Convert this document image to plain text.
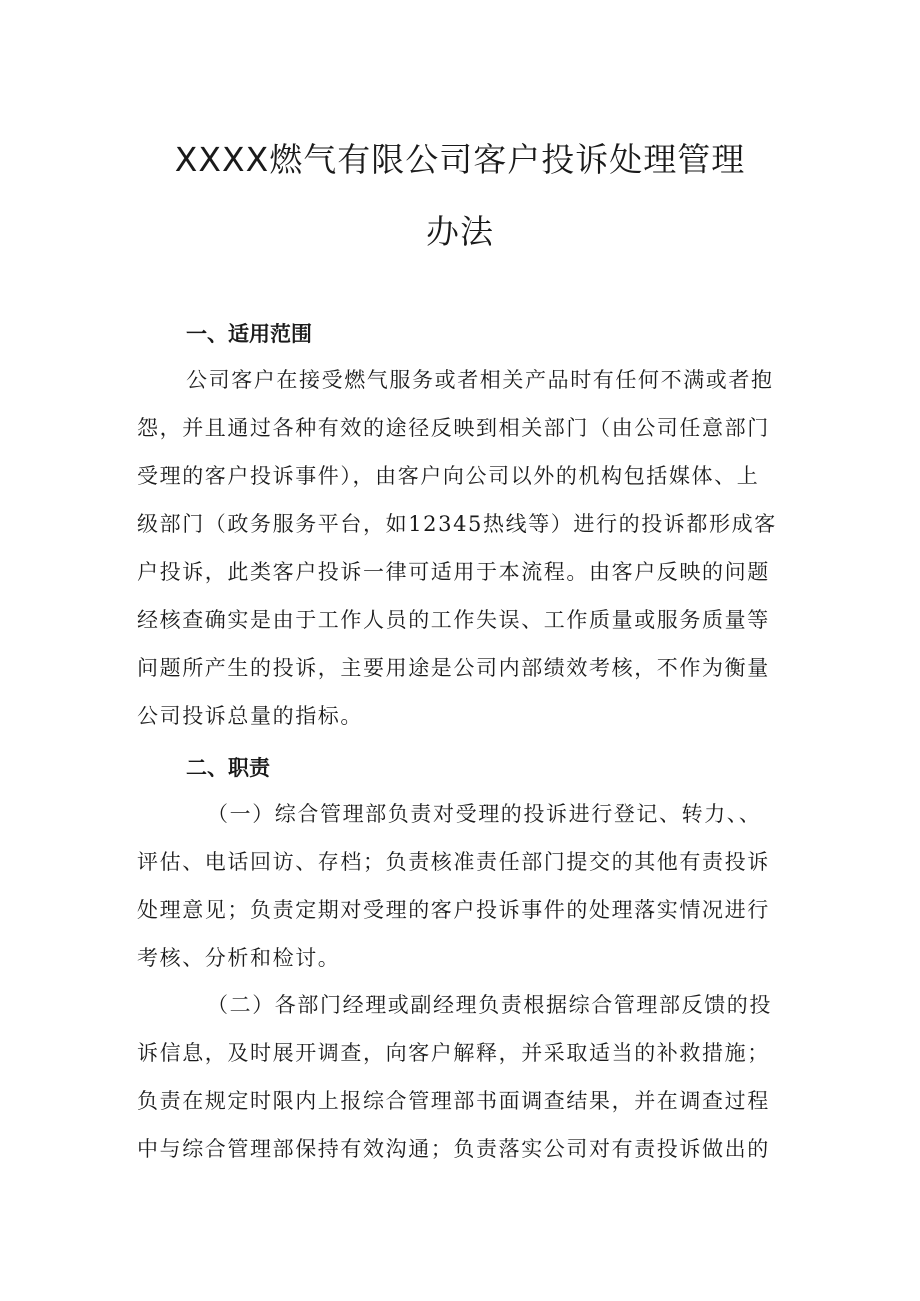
XXXX燃气有限公司客户投诉处理管理
办法
一、适用范围
公司客户在接受燃气服务或者相关产品时有任何不满或者抱
怨，并且通过各种有效的途径反映到相关部门（由公司任意部门
受理的客户投诉事件），由客户向公司以外的机构包括媒体、上
级部门（政务服务平台，如12345热线等）进行的投诉都形成客
户投诉，此类客户投诉一律可适用于本流程。由客户反映的问题
经核查确实是由于工作人员的工作失误、工作质量或服务质量等
问题所产生的投诉，主要用途是公司内部绩效考核，不作为衡量
公司投诉总量的指标。
二、职责
（一）综合管理部负责对受理的投诉进行登记、转力、、
评估、电话回访、存档；负责核准责任部门提交的其他有责投诉
处理意见；负责定期对受理的客户投诉事件的处理落实情况进行
考核、分析和检讨。
（二）各部门经理或副经理负责根据综合管理部反馈的投
诉信息，及时展开调查，向客户解释，并采取适当的补救措施；
负责在规定时限内上报综合管理部书面调查结果，并在调查过程
中与综合管理部保持有效沟通；负责落实公司对有责投诉做出的
